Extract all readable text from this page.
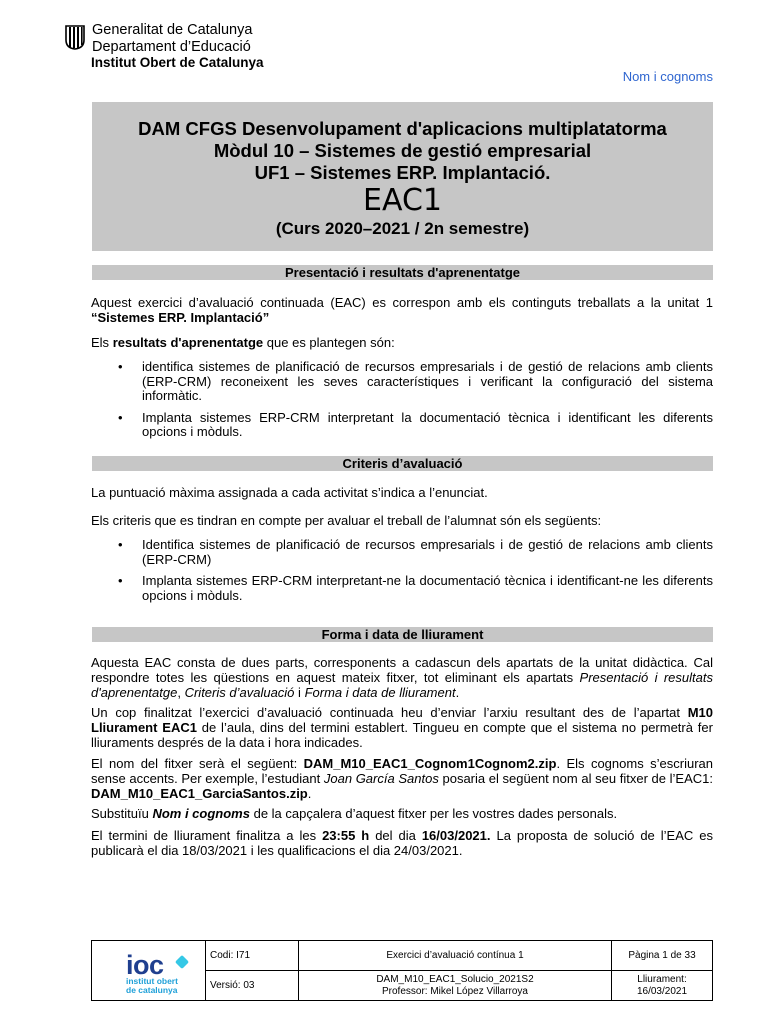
Generalitat de Catalunya
Departament d’Educació
Institut Obert de Catalunya
Nom i cognoms
DAM CFGS Desenvolupament d'aplicacions multiplatatorma
Mòdul 10 – Sistemes de gestió empresarial
UF1 – Sistemes ERP. Implantació.
EAC1
(Curs 2020–2021 / 2n semestre)
Presentació i resultats d'aprenentatge
Aquest exercici d’avaluació continuada (EAC) es correspon amb els continguts treballats a la unitat 1 “Sistemes ERP. Implantació”
Els resultats d'aprenentatge que es plantegen són:
• identifica sistemes de planificació de recursos empresarials i de gestió de relacions amb clients (ERP-CRM) reconeixent les seves característiques i verificant la configuració del sistema informàtic.
• Implanta sistemes ERP-CRM interpretant la documentació tècnica i identificant les diferents opcions i mòduls.
Criteris d’avaluació
La puntuació màxima assignada a cada activitat s’indica a l’enunciat.
Els criteris que es tindran en compte per avaluar el treball de l’alumnat són els següents:
• Identifica sistemes de planificació de recursos empresarials i de gestió de relacions amb clients (ERP-CRM)
• Implanta sistemes ERP-CRM interpretant-ne la documentació tècnica i identificant-ne les diferents opcions i mòduls.
Forma i data de lliurament
Aquesta EAC consta de dues parts, corresponents a cadascun dels apartats de la unitat didàctica. Cal respondre totes les qüestions en aquest mateix fitxer, tot eliminant els apartats Presentació i resultats d'aprenentatge, Criteris d’avaluació i Forma i data de lliurament.
Un cop finalitzat l’exercici d’avaluació continuada heu d’enviar l’arxiu resultant des de l’apartat M10 Lliurament EAC1 de l’aula, dins del termini establert. Tingueu en compte que el sistema no permetrà fer lliuraments després de la data i hora indicades.
El nom del fitxer serà el següent: DAM_M10_EAC1_Cognom1Cognom2.zip. Els cognoms s’escriuran sense accents. Per exemple, l’estudiant Joan García Santos posaria el següent nom al seu fitxer de l’EAC1: DAM_M10_EAC1_GarciaSantos.zip.
Substituïu Nom i cognoms de la capçalera d’aquest fitxer per les vostres dades personals.
El termini de lliurament finalitza a les 23:55 h del dia 16/03/2021. La proposta de solució de l’EAC es publicarà el dia 18/03/2021 i les qualificacions el dia 24/03/2021.
ioc
institut obert
de catalunya
Codi: I71
Versió: 03
Exercici d’avaluació contínua 1
DAM_M10_EAC1_Solucio_2021S2
Professor: Mikel López Villarroya
Pàgina 1 de 33
Lliurament:
16/03/2021
